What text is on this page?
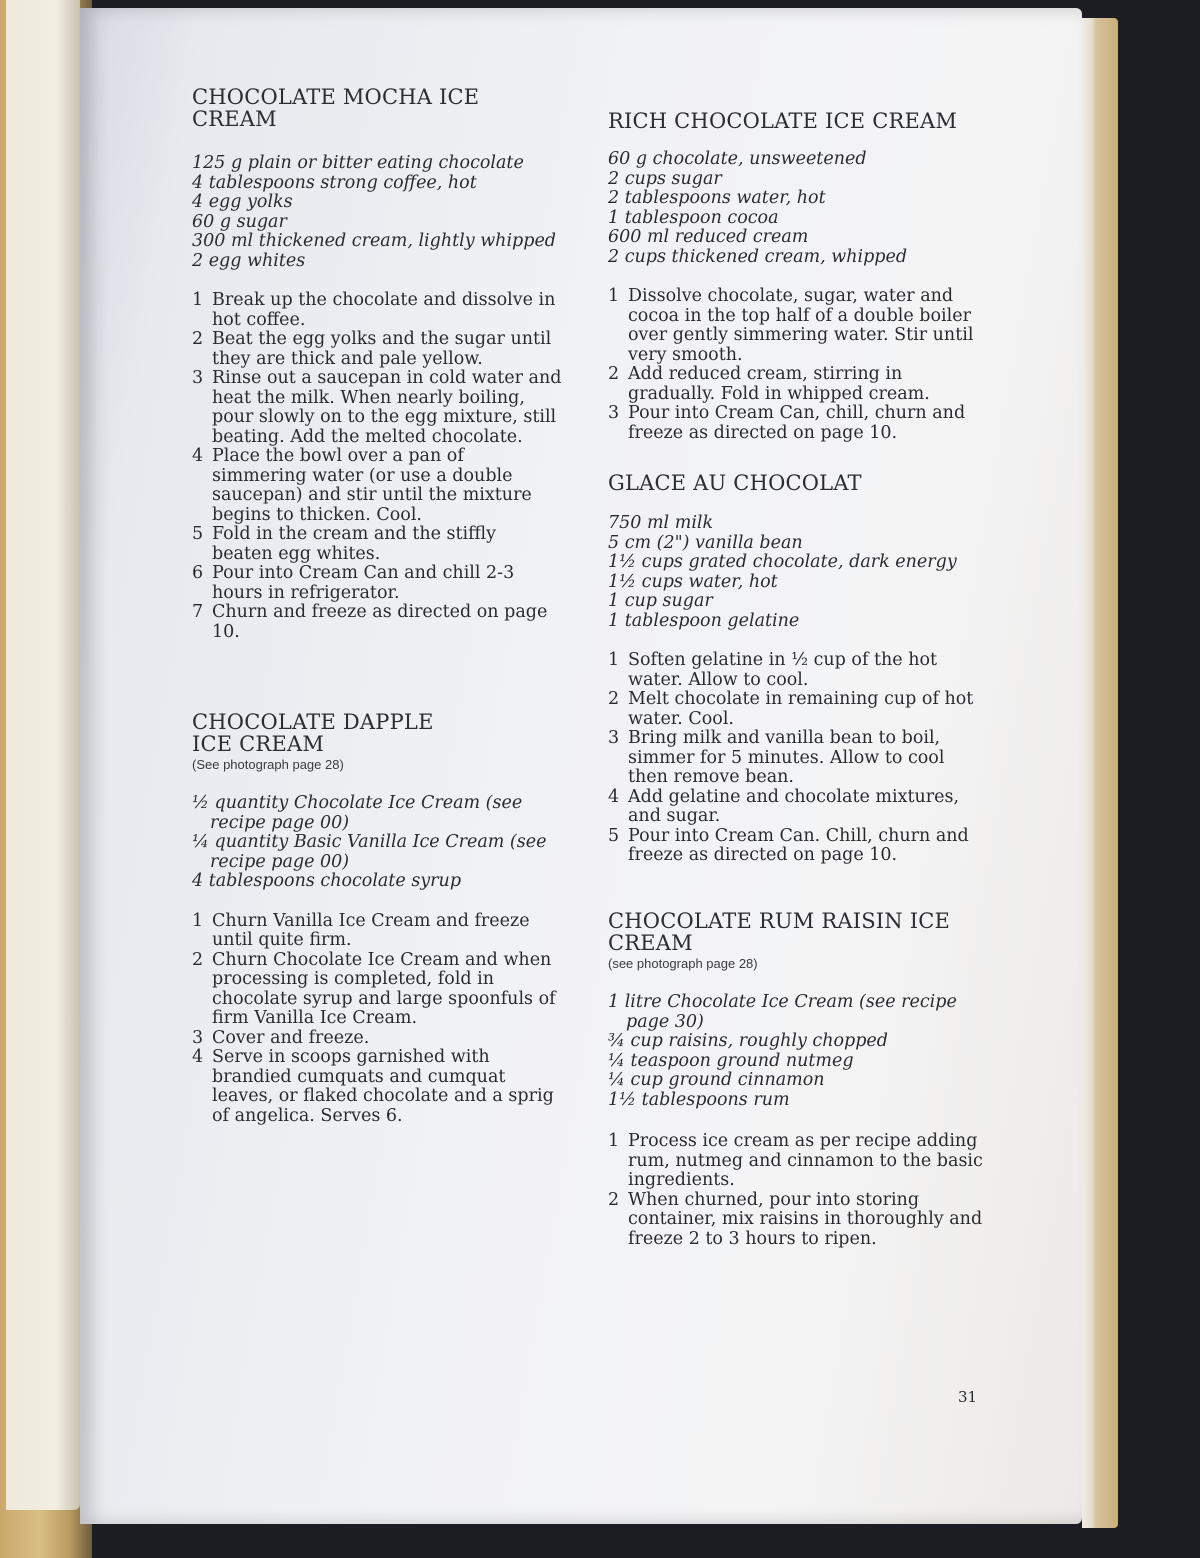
CHOCOLATE MOCHA ICE CREAM
125 g plain or bitter eating chocolate
4 tablespoons strong coffee, hot
4 egg yolks
60 g sugar
300 ml thickened cream, lightly whipped
2 egg whites
1 Break up the chocolate and dissolve in hot coffee.
2 Beat the egg yolks and the sugar until they are thick and pale yellow.
3 Rinse out a saucepan in cold water and heat the milk. When nearly boiling, pour slowly on to the egg mixture, still beating. Add the melted chocolate.
4 Place the bowl over a pan of simmering water (or use a double saucepan) and stir until the mixture begins to thicken. Cool.
5 Fold in the cream and the stiffly beaten egg whites.
6 Pour into Cream Can and chill 2-3 hours in refrigerator.
7 Churn and freeze as directed on page 10.
CHOCOLATE DAPPLE ICE CREAM
(See photograph page 28)
½ quantity Chocolate Ice Cream (see recipe page 00)
¼ quantity Basic Vanilla Ice Cream (see recipe page 00)
4 tablespoons chocolate syrup
1 Churn Vanilla Ice Cream and freeze until quite firm.
2 Churn Chocolate Ice Cream and when processing is completed, fold in chocolate syrup and large spoonfuls of firm Vanilla Ice Cream.
3 Cover and freeze.
4 Serve in scoops garnished with brandied cumquats and cumquat leaves, or flaked chocolate and a sprig of angelica. Serves 6.
RICH CHOCOLATE ICE CREAM
60 g chocolate, unsweetened
2 cups sugar
2 tablespoons water, hot
1 tablespoon cocoa
600 ml reduced cream
2 cups thickened cream, whipped
1 Dissolve chocolate, sugar, water and cocoa in the top half of a double boiler over gently simmering water. Stir until very smooth.
2 Add reduced cream, stirring in gradually. Fold in whipped cream.
3 Pour into Cream Can, chill, churn and freeze as directed on page 10.
GLACE AU CHOCOLAT
750 ml milk
5 cm (2") vanilla bean
1½ cups grated chocolate, dark energy
1½ cups water, hot
1 cup sugar
1 tablespoon gelatine
1 Soften gelatine in ½ cup of the hot water. Allow to cool.
2 Melt chocolate in remaining cup of hot water. Cool.
3 Bring milk and vanilla bean to boil, simmer for 5 minutes. Allow to cool then remove bean.
4 Add gelatine and chocolate mixtures, and sugar.
5 Pour into Cream Can. Chill, churn and freeze as directed on page 10.
CHOCOLATE RUM RAISIN ICE CREAM
(see photograph page 28)
1 litre Chocolate Ice Cream (see recipe page 30)
¾ cup raisins, roughly chopped
¼ teaspoon ground nutmeg
¼ cup ground cinnamon
1½ tablespoons rum
1 Process ice cream as per recipe adding rum, nutmeg and cinnamon to the basic ingredients.
2 When churned, pour into storing container, mix raisins in thoroughly and freeze 2 to 3 hours to ripen.
31
